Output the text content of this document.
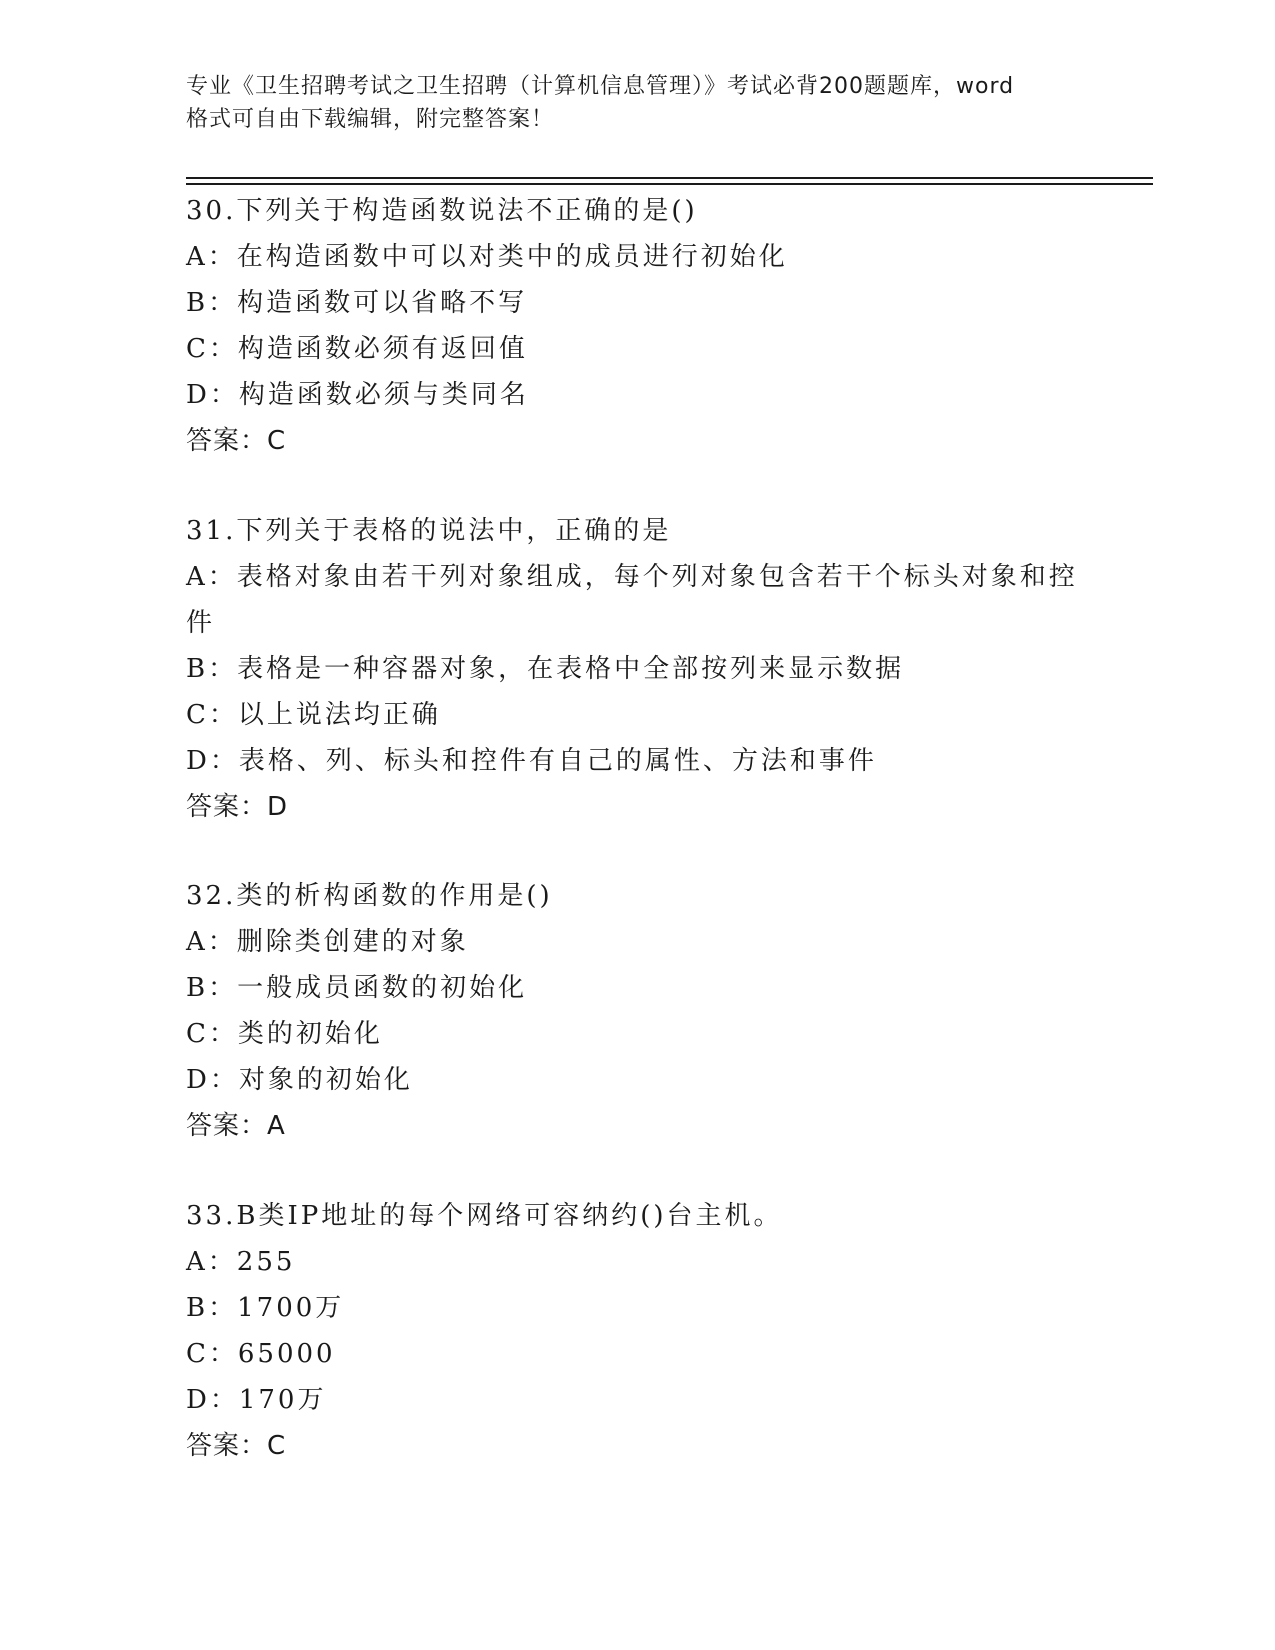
专业《卫生招聘考试之卫生招聘（计算机信息管理）》考试必背200题题库，word
格式可自由下载编辑，附完整答案！
30.下列关于构造函数说法不正确的是()
A：在构造函数中可以对类中的成员进行初始化
B：构造函数可以省略不写
C：构造函数必须有返回值
D：构造函数必须与类同名
答案：C
31.下列关于表格的说法中，正确的是
A：表格对象由若干列对象组成，每个列对象包含若干个标头对象和控件
B：表格是一种容器对象，在表格中全部按列来显示数据
C：以上说法均正确
D：表格、列、标头和控件有自己的属性、方法和事件
答案：D
32.类的析构函数的作用是()
A：删除类创建的对象
B：一般成员函数的初始化
C：类的初始化
D：对象的初始化
答案：A
33.B类IP地址的每个网络可容纳约()台主机。
A：255
B：1700万
C：65000
D：170万
答案：C
